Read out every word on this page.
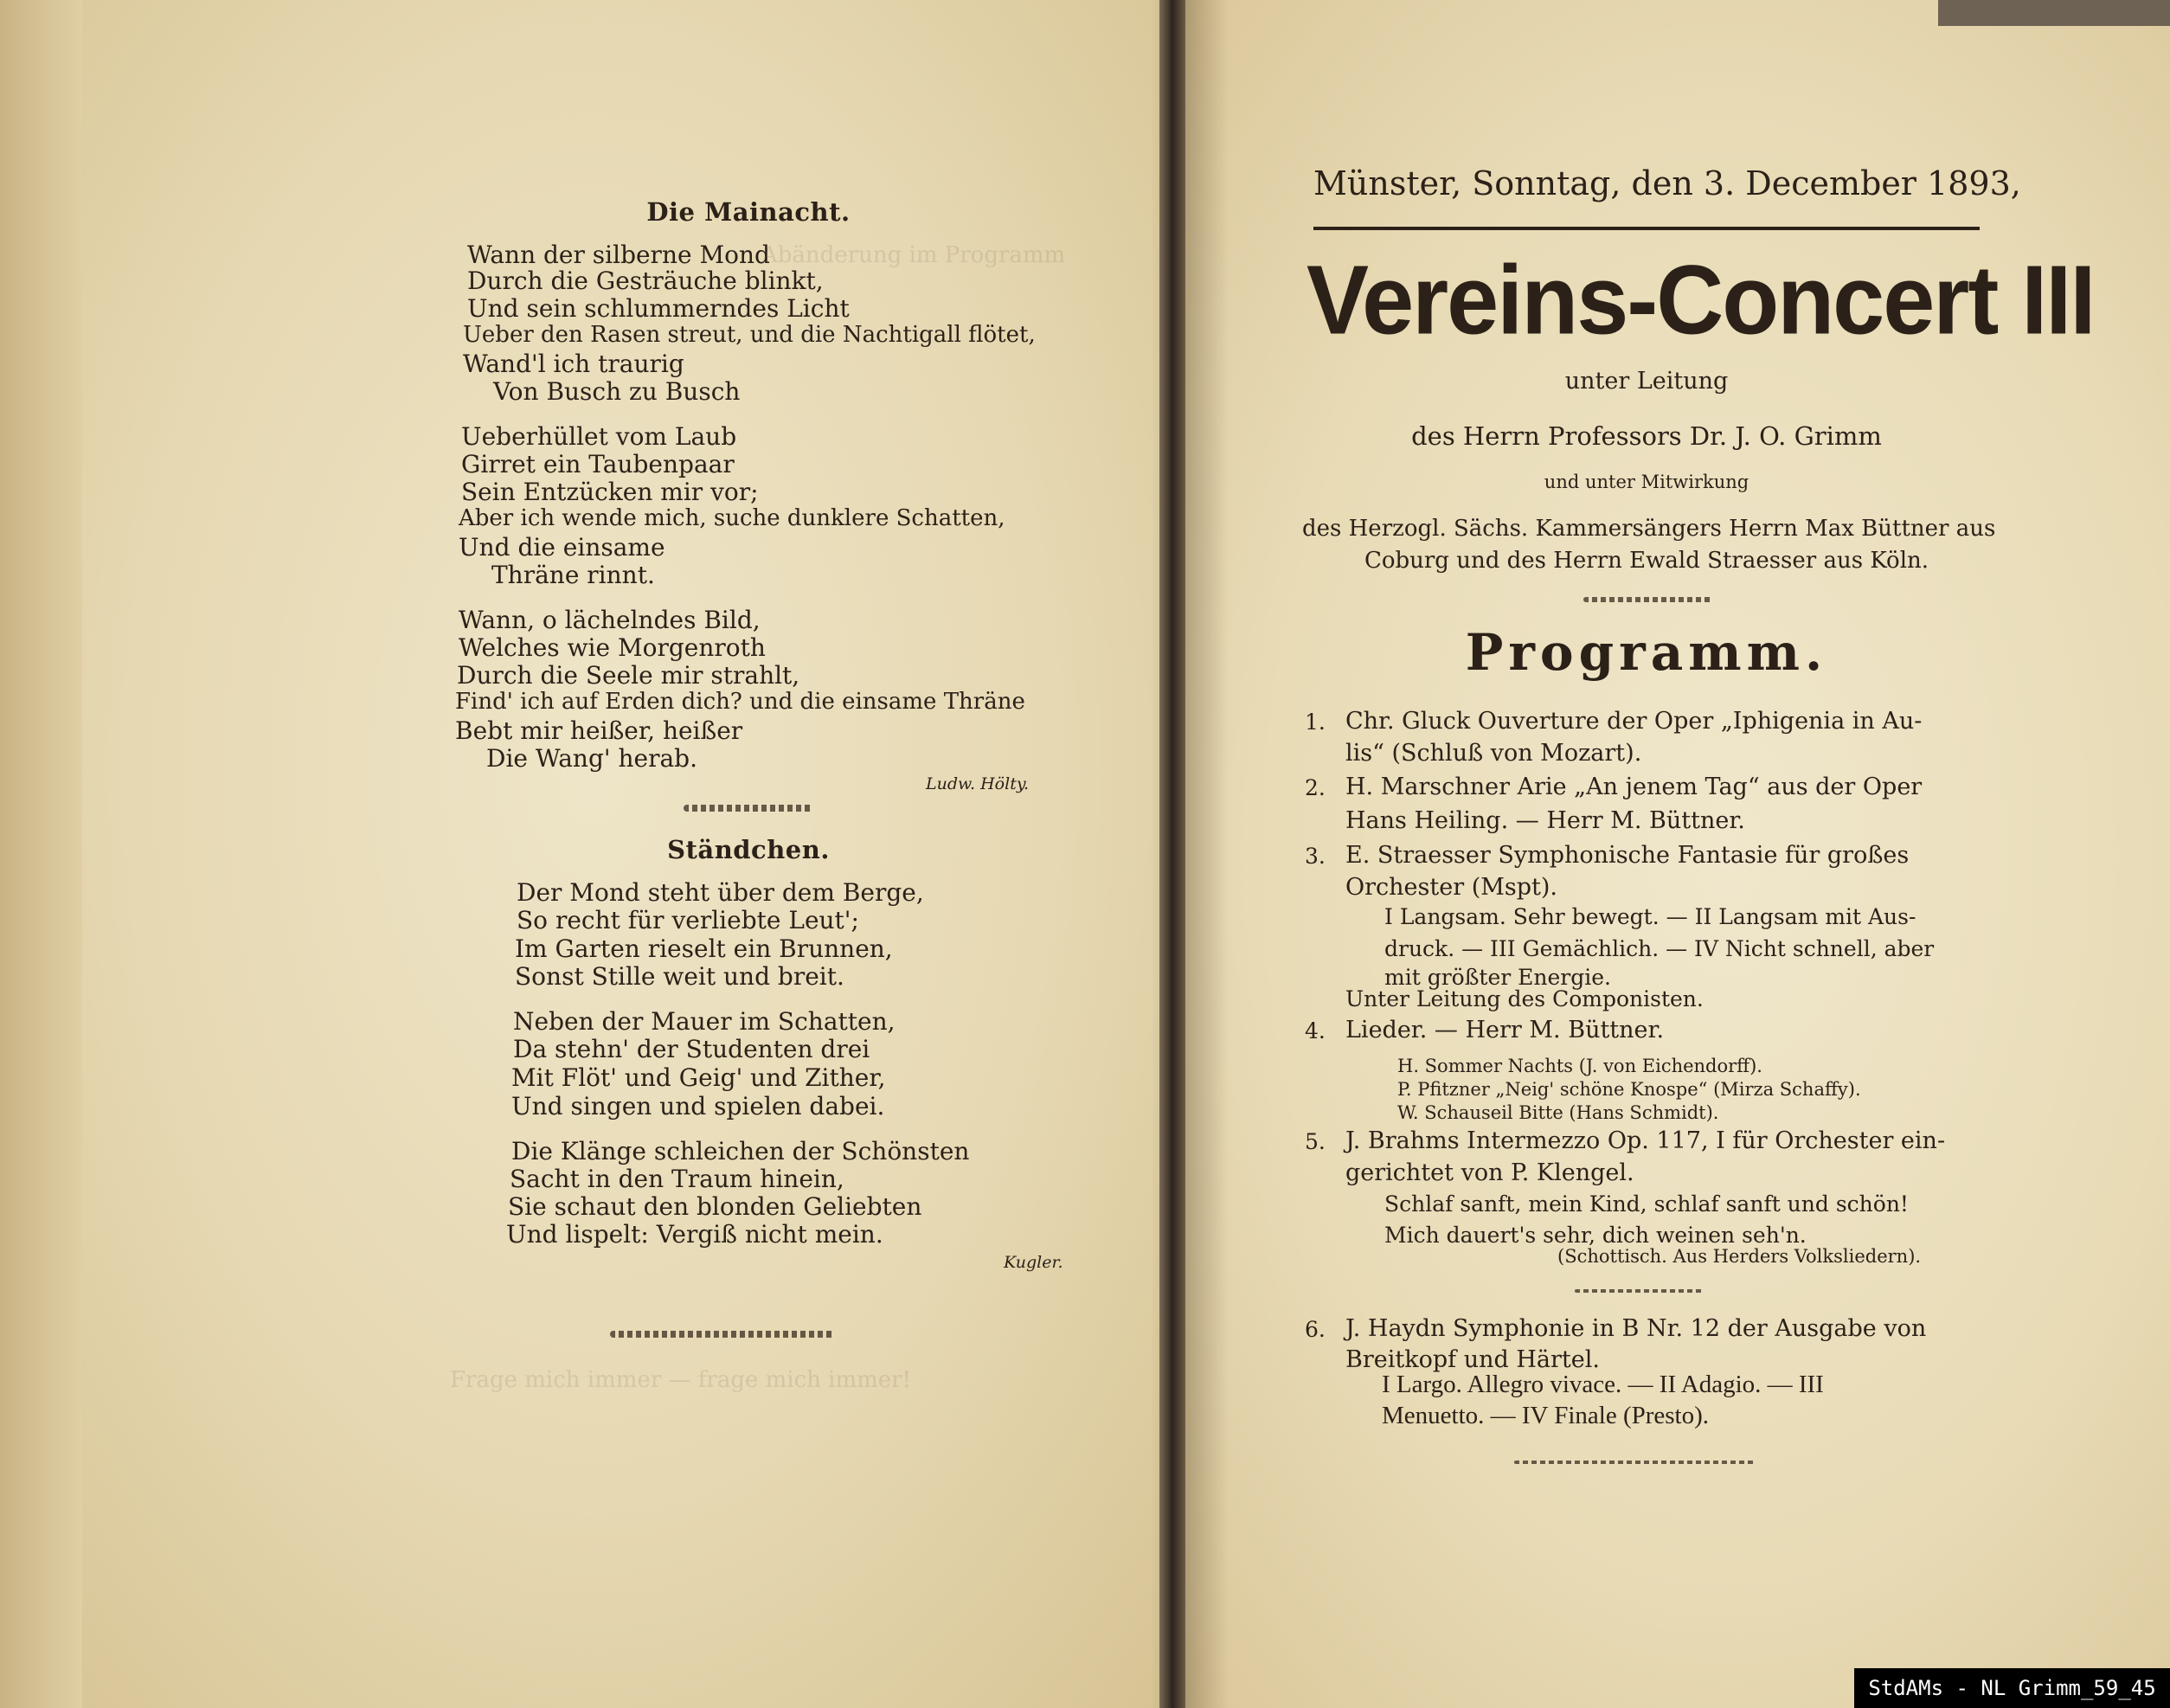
Abänderung im Programm
Frage mich immer — frage mich immer!
Die Mainacht.
Wann der silberne Mond
Durch die Gesträuche blinkt,
Und sein schlummerndes Licht
Ueber den Rasen streut, und die Nachtigall flötet,
Wand'l ich traurig
Von Busch zu Busch
Ueberhüllet vom Laub
Girret ein Taubenpaar
Sein Entzücken mir vor;
Aber ich wende mich, suche dunklere Schatten,
Und die einsame
Thräne rinnt.
Wann, o lächelndes Bild,
Welches wie Morgenroth
Durch die Seele mir strahlt,
Find' ich auf Erden dich? und die einsame Thräne
Bebt mir heißer, heißer
Die Wang' herab.
Ludw. Hölty.
Ständchen.
Der Mond steht über dem Berge,
So recht für verliebte Leut';
Im Garten rieselt ein Brunnen,
Sonst Stille weit und breit.
Neben der Mauer im Schatten,
Da stehn' der Studenten drei
Mit Flöt' und Geig' und Zither,
Und singen und spielen dabei.
Die Klänge schleichen der Schönsten
Sacht in den Traum hinein,
Sie schaut den blonden Geliebten
Und lispelt: Vergiß nicht mein.
Kugler.
Münster, Sonntag, den 3. December 1893,
Vereins-Concert III
unter Leitung
des Herrn Professors Dr. J. O. Grimm
und unter Mitwirkung
des Herzogl. Sächs. Kammersängers Herrn Max Büttner aus
Coburg und des Herrn Ewald Straesser aus Köln.
Programm.
1. Chr. Gluck Ouverture der Oper „Iphigenia in Au-
lis“ (Schluß von Mozart).
2. H. Marschner Arie „An jenem Tag“ aus der Oper
Hans Heiling. — Herr M. Büttner.
3. E. Straesser Symphonische Fantasie für großes
Orchester (Mspt).
I Langsam. Sehr bewegt. — II Langsam mit Aus-
druck. — III Gemächlich. — IV Nicht schnell, aber
mit größter Energie.
Unter Leitung des Componisten.
4. Lieder. — Herr M. Büttner.
H. Sommer Nachts (J. von Eichendorff).
P. Pfitzner „Neig' schöne Knospe“ (Mirza Schaffy).
W. Schauseil Bitte (Hans Schmidt).
5. J. Brahms Intermezzo Op. 117, I für Orchester ein-
gerichtet von P. Klengel.
Schlaf sanft, mein Kind, schlaf sanft und schön!
Mich dauert's sehr, dich weinen seh'n.
(Schottisch. Aus Herders Volksliedern).
6. J. Haydn Symphonie in B Nr. 12 der Ausgabe von
Breitkopf und Härtel.
I Largo. Allegro vivace. — II Adagio. — III
Menuetto. — IV Finale (Presto).
StdAMs - NL Grimm_59_45
